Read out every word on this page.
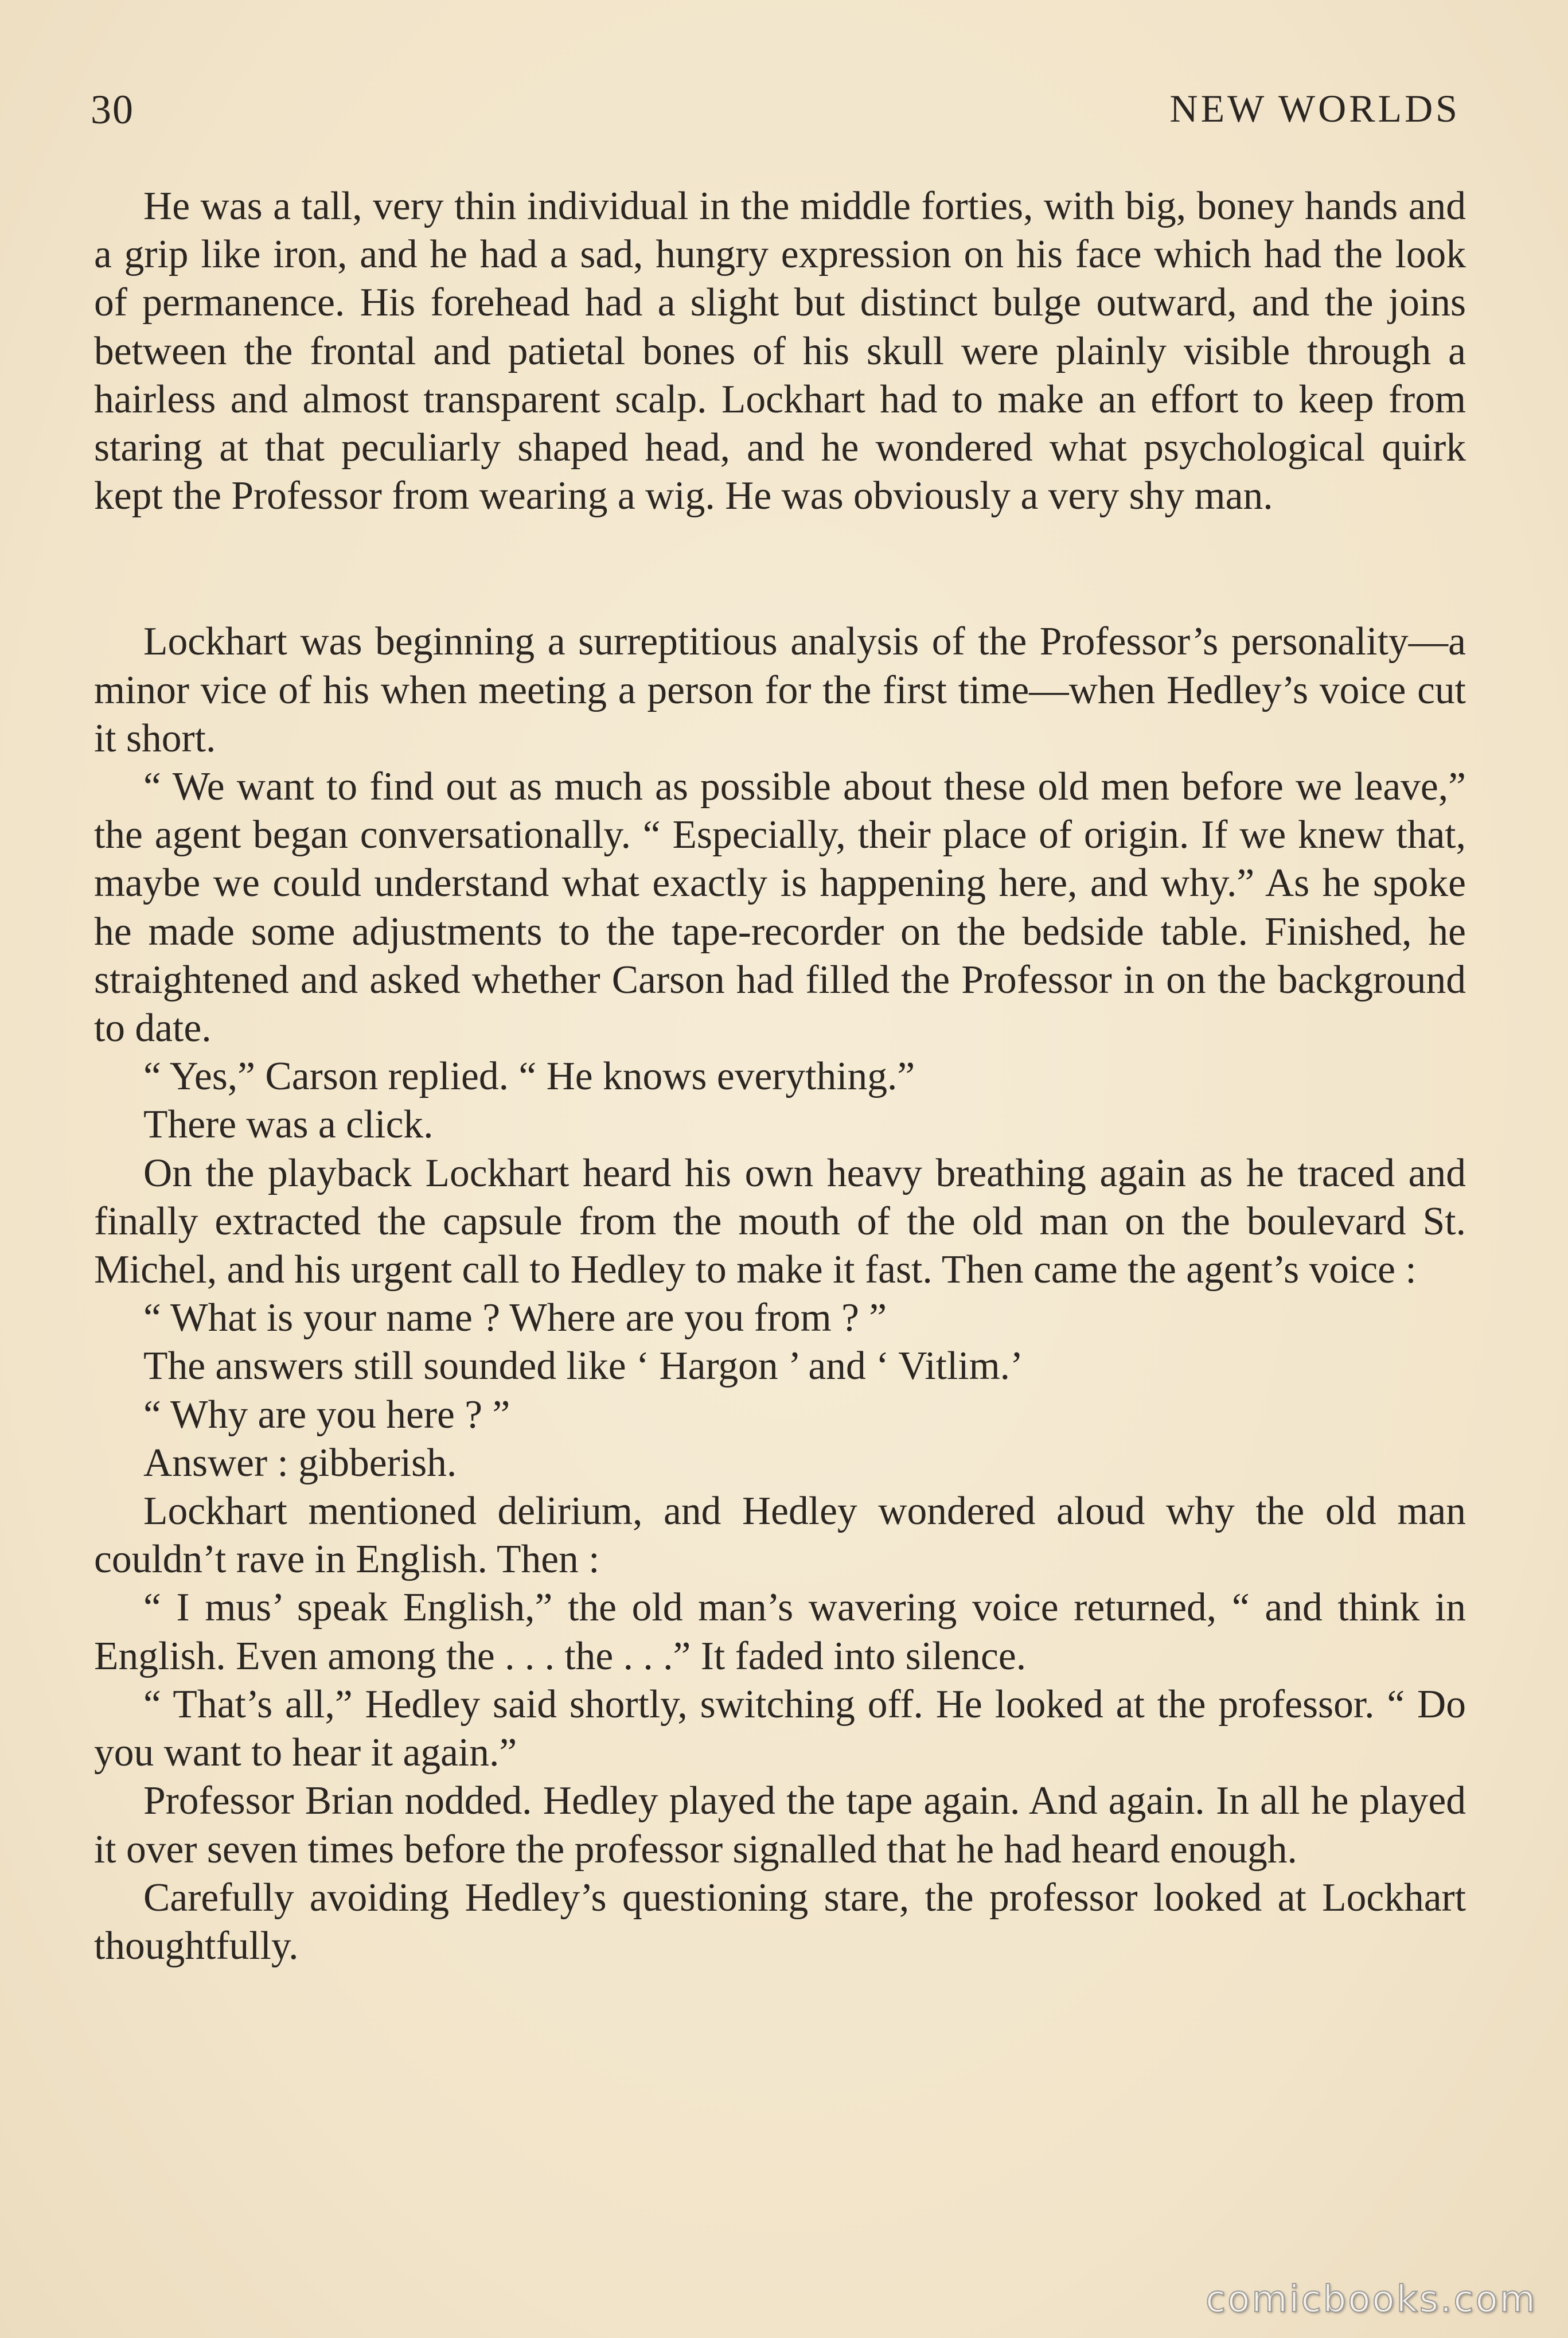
30	NEW WORLDS

He was a tall, very thin individual in the middle forties, with big, boney hands and a grip like iron, and he had a sad, hungry expression on his face which had the look of permanence. His forehead had a slight but distinct bulge outward, and the joins between the frontal and patietal bones of his skull were plainly visible through a hairless and almost transparent scalp. Lockhart had to make an effort to keep from staring at that peculiarly shaped head, and he wondered what psychological quirk kept the Professor from wearing a wig. He was obviously a very shy man.

Lockhart was beginning a surreptitious analysis of the Professor’s personality—a minor vice of his when meeting a person for the first time—when Hedley’s voice cut it short.

“ We want to find out as much as possible about these old men before we leave,” the agent began conversationally. “ Especially, their place of origin. If we knew that, maybe we could understand what exactly is happening here, and why.” As he spoke he made some adjustments to the tape-recorder on the bedside table. Finished, he straightened and asked whether Carson had filled the Professor in on the background to date.

“ Yes,” Carson replied. “ He knows everything.”

There was a click.

On the playback Lockhart heard his own heavy breathing again as he traced and finally extracted the capsule from the mouth of the old man on the boulevard St. Michel, and his urgent call to Hedley to make it fast. Then came the agent’s voice :

“ What is your name ? Where are you from ? ”

The answers still sounded like ‘ Hargon ’ and ‘ Vitlim.’

“ Why are you here ? ”

Answer : gibberish.

Lockhart mentioned delirium, and Hedley wondered aloud why the old man couldn’t rave in English. Then :

“ I mus’ speak English,” the old man’s wavering voice returned, “ and think in English. Even among the . . . the . . .” It faded into silence.

“ That’s all,” Hedley said shortly, switching off. He looked at the professor. “ Do you want to hear it again.”

Professor Brian nodded. Hedley played the tape again. And again. In all he played it over seven times before the professor signalled that he had heard enough.

Carefully avoiding Hedley’s questioning stare, the professor looked at Lockhart thoughtfully.

comicbooks.com
